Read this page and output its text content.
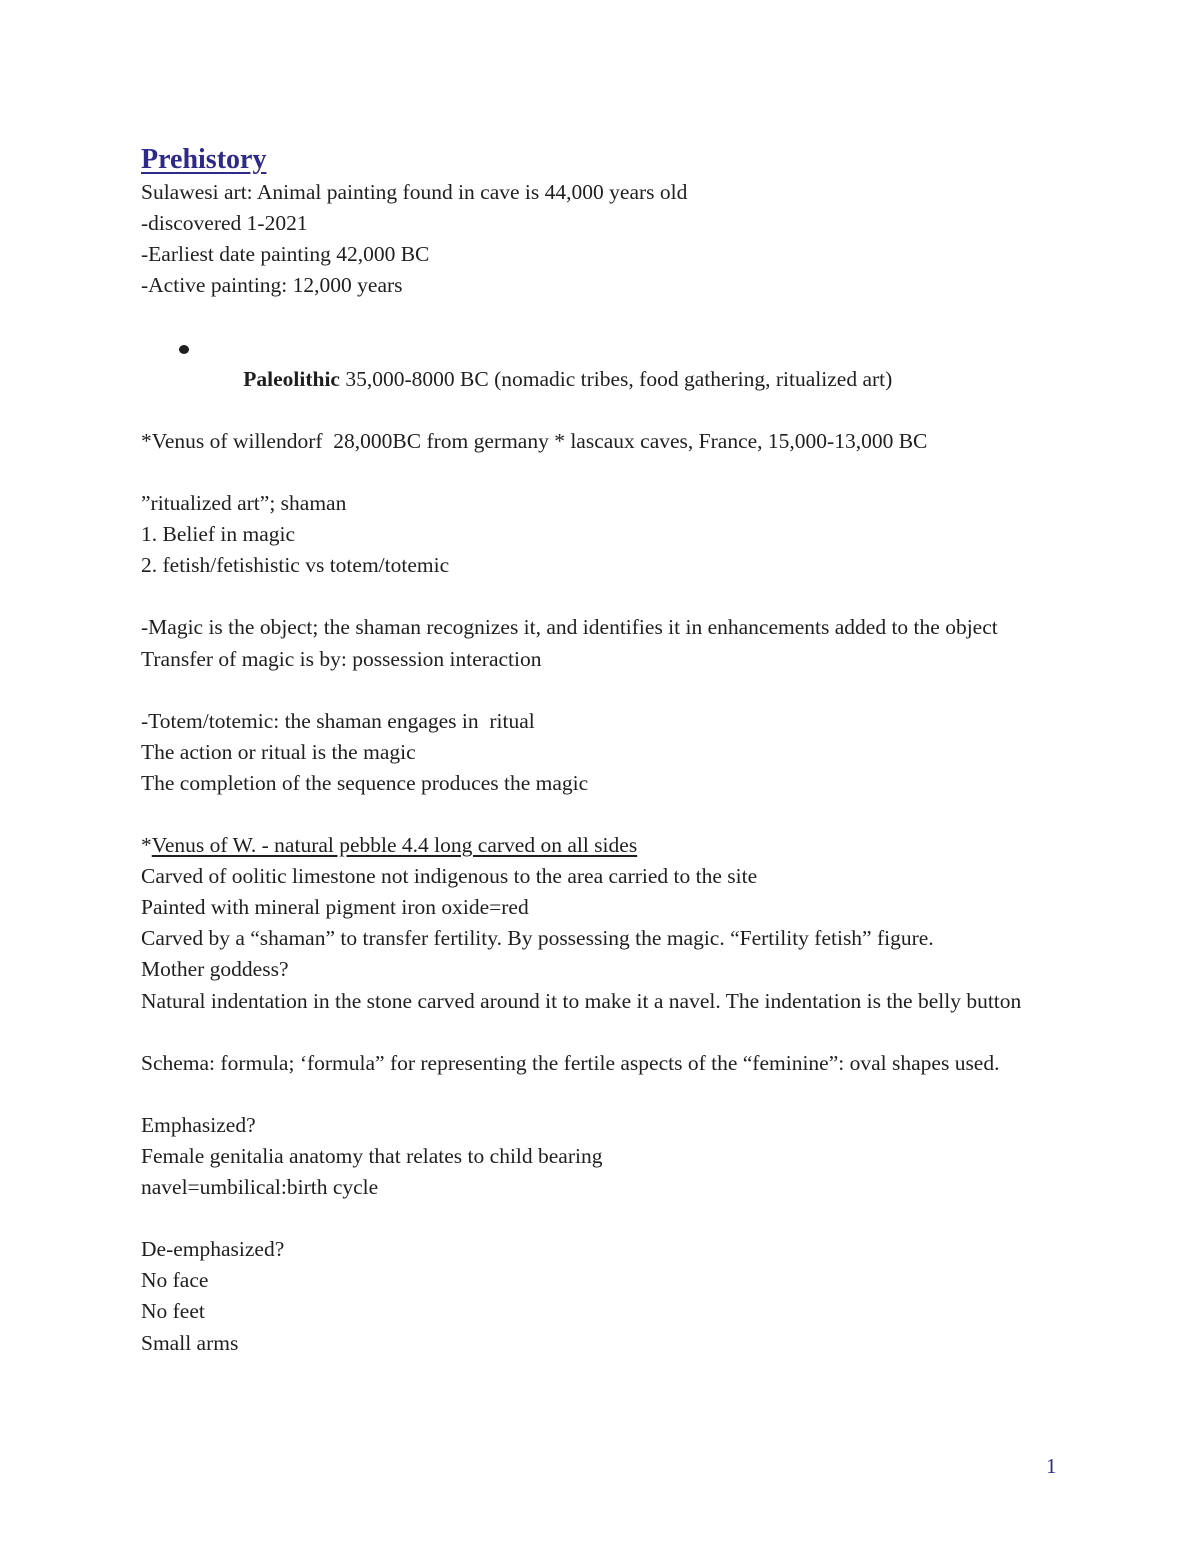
Prehistory
Sulawesi art: Animal painting found in cave is 44,000 years old
-discovered 1-2021
-Earliest date painting 42,000 BC
-Active painting: 12,000 years

Paleolithic 35,000-8000 BC (nomadic tribes, food gathering, ritualized art)

*Venus of willendorf  28,000BC from germany * lascaux caves, France, 15,000-13,000 BC
”ritualized art”; shaman
1. Belief in magic
2. fetish/fetishistic vs totem/totemic
-Magic is the object; the shaman recognizes it, and identifies it in enhancements added to the object
Transfer of magic is by: possession interaction
-Totem/totemic: the shaman engages in  ritual
The action or ritual is the magic
The completion of the sequence produces the magic
*Venus of W. - natural pebble 4.4 long carved on all sides
Carved of oolitic limestone not indigenous to the area carried to the site
Painted with mineral pigment iron oxide=red
Carved by a “shaman” to transfer fertility. By possessing the magic. “Fertility fetish” figure.
Mother goddess?
Natural indentation in the stone carved around it to make it a navel. The indentation is the belly button
Schema: formula; ‘formula” for representing the fertile aspects of the “feminine”: oval shapes used.
Emphasized?
Female genitalia anatomy that relates to child bearing
navel=umbilical:birth cycle
De-emphasized?
No face
No feet
Small arms
1
